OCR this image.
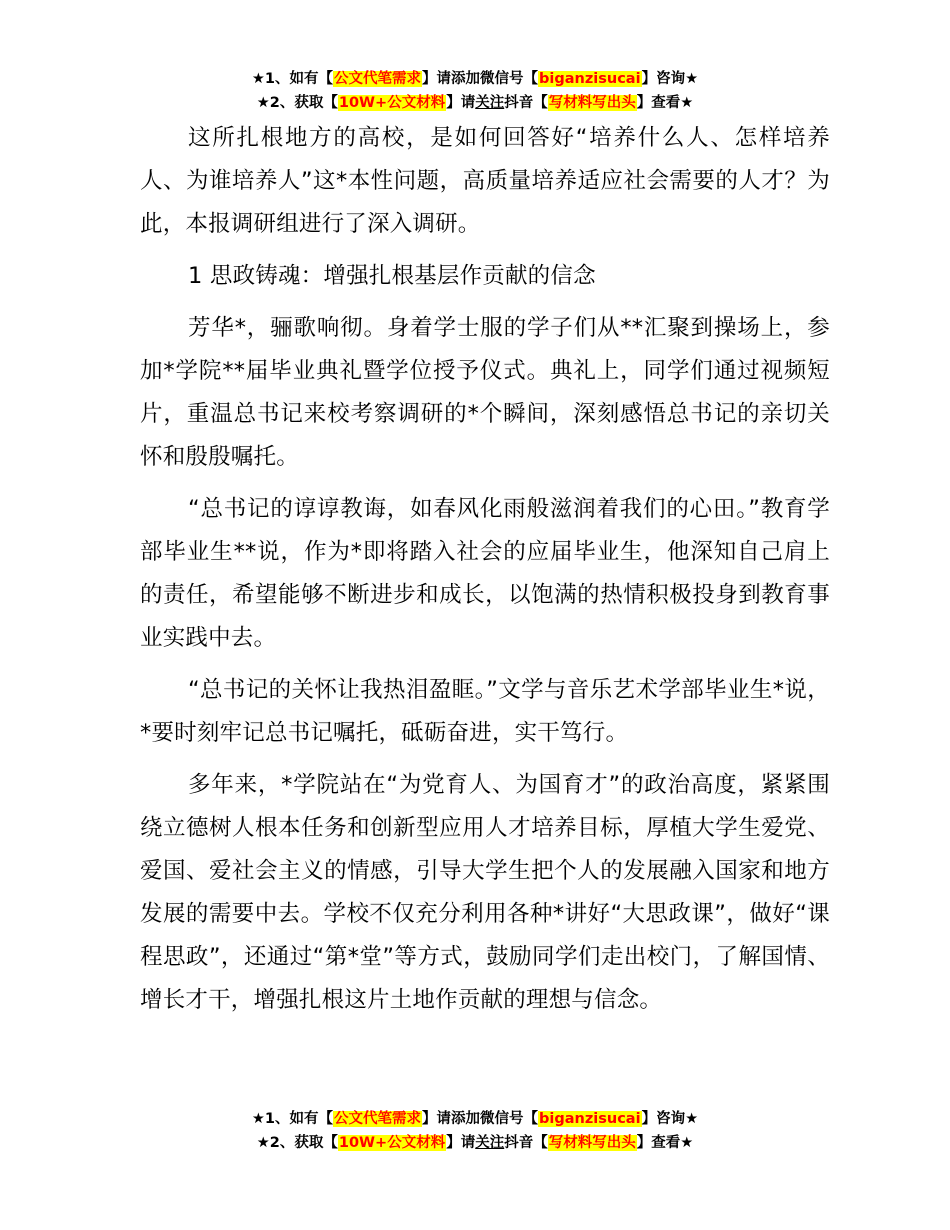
★1、如有【公文代笔需求】请添加微信号【biganzisucai】咨询★
★2、获取【10W+公文材料】请关注抖音【写材料写出头】查看★

这所扎根地方的高校，是如何回答好“培养什么人、怎样培养人、为谁培养人”这*本性问题，高质量培养适应社会需要的人才？为此，本报调研组进行了深入调研。

1 思政铸魂：增强扎根基层作贡献的信念

芳华*，骊歌响彻。身着学士服的学子们从**汇聚到操场上，参加*学院**届毕业典礼暨学位授予仪式。典礼上，同学们通过视频短片，重温总书记来校考察调研的*个瞬间，深刻感悟总书记的亲切关怀和殷殷嘱托。

“总书记的谆谆教诲，如春风化雨般滋润着我们的心田。”教育学部毕业生**说，作为*即将踏入社会的应届毕业生，他深知自己肩上的责任，希望能够不断进步和成长，以饱满的热情积极投身到教育事业实践中去。

“总书记的关怀让我热泪盈眶。”文学与音乐艺术学部毕业生*说，*要时刻牢记总书记嘱托，砥砺奋进，实干笃行。

多年来，*学院站在“为党育人、为国育才”的政治高度，紧紧围绕立德树人根本任务和创新型应用人才培养目标，厚植大学生爱党、爱国、爱社会主义的情感，引导大学生把个人的发展融入国家和地方发展的需要中去。学校不仅充分利用各种*讲好“大思政课”，做好“课程思政”，还通过“第*堂”等方式，鼓励同学们走出校门，了解国情、增长才干，增强扎根这片土地作贡献的理想与信念。

★1、如有【公文代笔需求】请添加微信号【biganzisucai】咨询★
★2、获取【10W+公文材料】请关注抖音【写材料写出头】查看★
